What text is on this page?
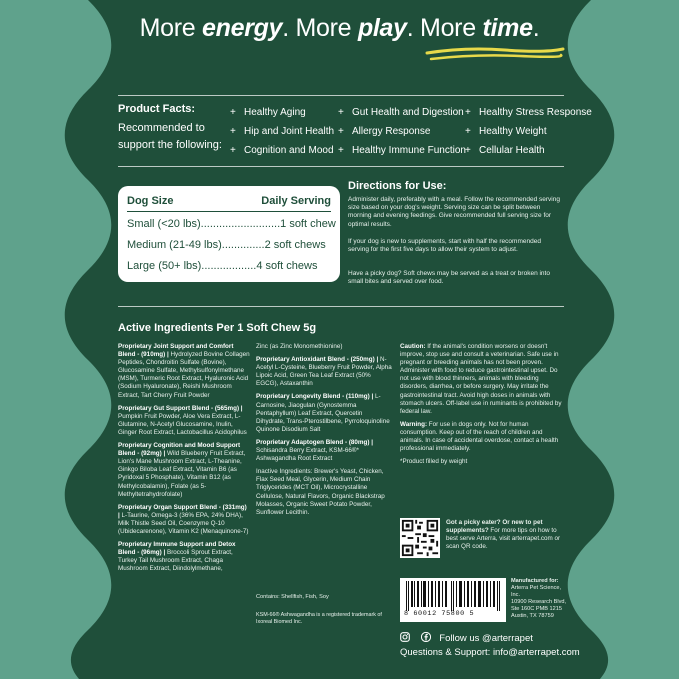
More energy. More play. More time.
Product Facts:
Recommended to support the following:
+ Healthy Aging
+ Hip and Joint Health
+ Cognition and Mood
+ Gut Health and Digestion
+ Allergy Response
+ Healthy Immune Function
+ Healthy Stress Response
+ Healthy Weight
+ Cellular Health
Dog Size	Daily Serving
Small (<20 lbs)..........................1 soft chew
Medium (21-49 lbs)..............2 soft chews
Large (50+ lbs)..................4 soft chews
Directions for Use:
Administer daily, preferably with a meal. Follow the recommended serving size based on your dog's weight. Serving size can be split between morning and evening feedings. Give recommended full serving size for optimal results.
If your dog is new to supplements, start with half the recommended serving for the first five days to allow their system to adjust.
Have a picky dog? Soft chews may be served as a treat or broken into small bites and served over food.
Active Ingredients Per 1 Soft Chew 5g

Proprietary Joint Support and Comfort Blend - (910mg) | Hydrolyzed Bovine Collagen Peptides, Chondroitin Sulfate (Bovine), Glucosamine Sulfate, Methylsulfonylmethane (MSM), Turmeric Root Extract, Hyaluronic Acid (Sodium Hyaluronate), Reishi Mushroom Extract, Tart Cherry Fruit Powder

Proprietary Gut Support Blend - (565mg) | Pumpkin Fruit Powder, Aloe Vera Extract, L-Glutamine, N-Acetyl Glucosamine, Inulin, Ginger Root Extract, Lactobacillus Acidophilus

Proprietary Cognition and Mood Support Blend - (92mg) | Wild Blueberry Fruit Extract, Lion's Mane Mushroom Extract, L-Theanine, Ginkgo Biloba Leaf Extract, Vitamin B6 (as Pyridoxal 5 Phosphate), Vitamin B12 (as Methylcobalamin), Folate (as 5-Methyltetrahydrofolate)

Proprietary Organ Support Blend - (331mg) | L-Taurine, Omega-3 (36% EPA, 24% DHA), Milk Thistle Seed Oil, Coenzyme Q-10 (Ubidecarenone), Vitamin K2 (Menaquinone-7)

Proprietary Immune Support and Detox Blend - (96mg) | Broccoli Sprout Extract, Turkey Tail Mushroom Extract, Chaga Mushroom Extract, Diindolylmethane,

Zinc (as Zinc Monomethionine)

Proprietary Antioxidant Blend - (250mg) | N-Acetyl L-Cysteine, Blueberry Fruit Powder, Alpha Lipoic Acid, Green Tea Leaf Extract (50% EGCG), Astaxanthin

Proprietary Longevity Blend - (110mg) | L-Carnosine, Jiaogulan (Gynostemma Pentaphyllum) Leaf Extract, Quercetin Dihydrate, Trans-Pterostilbene, Pyrroloquinoline Quinone Disodium Salt

Proprietary Adaptogen Blend - (80mg) | Schisandra Berry Extract, KSM-66®* Ashwagandha Root Extract

Inactive Ingredients: Brewer's Yeast, Chicken, Flax Seed Meal, Glycerin, Medium Chain Triglycerides (MCT Oil), Microcrystalline Cellulose, Natural Flavors, Organic Blackstrap Molasses, Organic Sweet Potato Powder, Sunflower Lecithin.

Contains: Shellfish, Fish, Soy
KSM-66® Ashwagandha is a registered trademark of Ixoreal Biomed Inc.

Caution: If the animal's condition worsens or doesn't improve, stop use and consult a veterinarian. Safe use in pregnant or breeding animals has not been proven. Administer with food to reduce gastrointestinal upset. Do not use with blood thinners, animals with bleeding disorders, diarrhea, or before surgery. May irritate the gastrointestinal tract. Avoid high doses in animals with stomach ulcers. Off-label use in ruminants is prohibited by federal law.

Warning: For use in dogs only. Not for human consumption. Keep out of the reach of children and animals. In case of accidental overdose, contact a health professional immediately.

*Product filled by weight

Got a picky eater? Or new to pet supplements? For more tips on how to best serve Arterra, visit arterrapet.com or scan QR code.
8 60012 75800 5
Manufactured for:
Arterra Pet Science, Inc.
10900 Research Blvd,
Ste 160C PMB 1215
Austin, TX 78759
Follow us @arterrapet
Questions & Support: info@arterrapet.com
